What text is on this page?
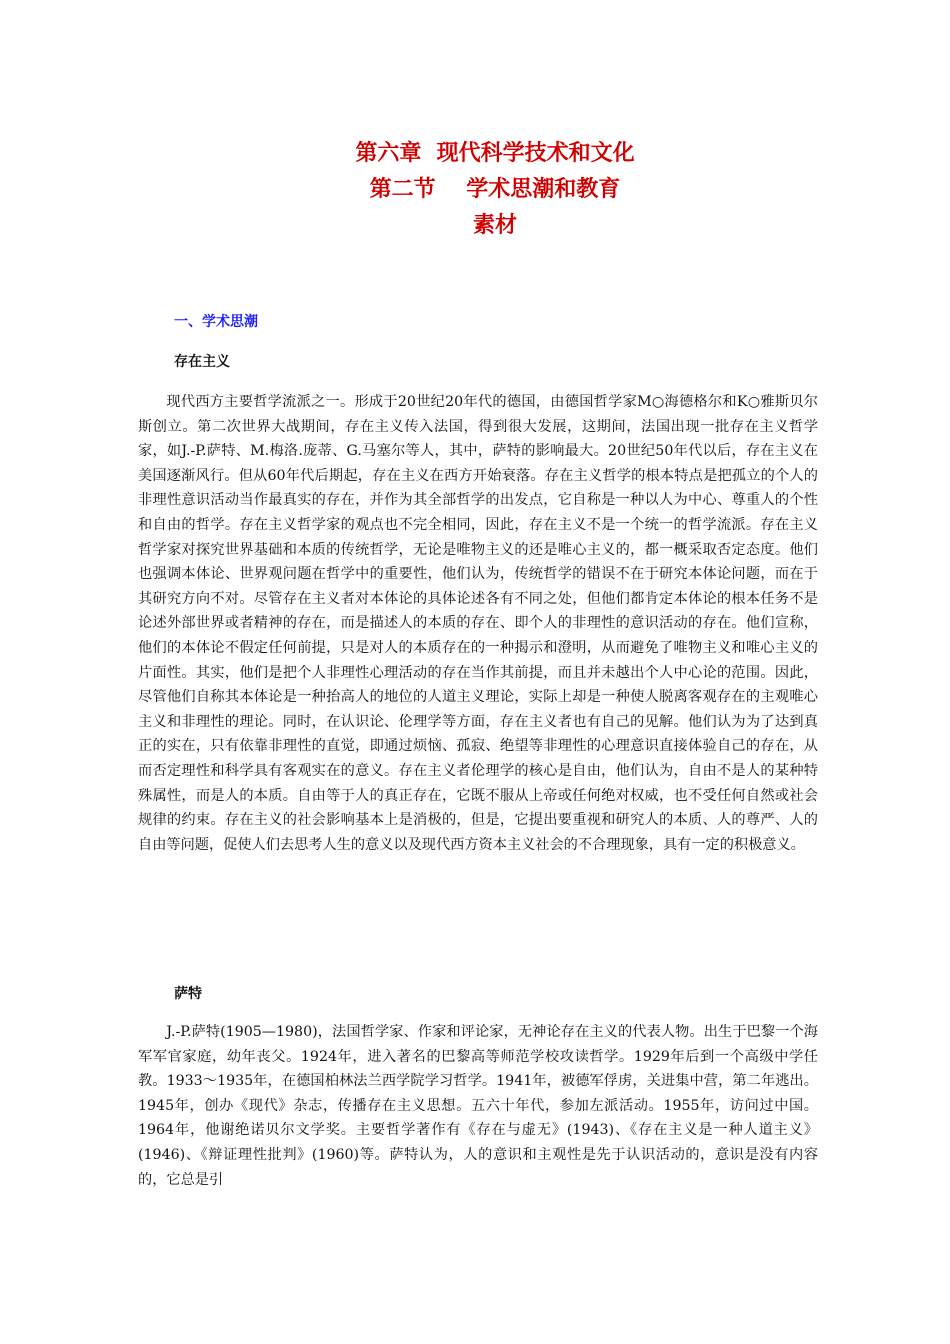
第六章  现代科学技术和文化
第二节    学术思潮和教育
素材
一、学术思潮
存在主义

现代西方主要哲学流派之一。形成于20世纪20年代的德国，由德国哲学家M○海德格尔和K○雅斯贝尔斯创立。第二次世界大战期间，存在主义传入法国，得到很大发展，这期间，法国出现一批存在主义哲学家，如J.-P.萨特、M.梅洛.庞蒂、G.马塞尔等人，其中，萨特的影响最大。20世纪50年代以后，存在主义在美国逐渐风行。但从60年代后期起，存在主义在西方开始衰落。存在主义哲学的根本特点是把孤立的个人的非理性意识活动当作最真实的存在，并作为其全部哲学的出发点，它自称是一种以人为中心、尊重人的个性和自由的哲学。存在主义哲学家的观点也不完全相同，因此，存在主义不是一个统一的哲学流派。存在主义哲学家对探究世界基础和本质的传统哲学，无论是唯物主义的还是唯心主义的，都一概采取否定态度。他们也强调本体论、世界观问题在哲学中的重要性，他们认为，传统哲学的错误不在于研究本体论问题，而在于其研究方向不对。尽管存在主义者对本体论的具体论述各有不同之处，但他们都肯定本体论的根本任务不是论述外部世界或者精神的存在，而是描述人的本质的存在、即个人的非理性的意识活动的存在。他们宣称，他们的本体论不假定任何前提，只是对人的本质存在的一种揭示和澄明，从而避免了唯物主义和唯心主义的片面性。其实，他们是把个人非理性心理活动的存在当作其前提，而且并未越出个人中心论的范围。因此，尽管他们自称其本体论是一种抬高人的地位的人道主义理论，实际上却是一种使人脱离客观存在的主观唯心主义和非理性的理论。同时，在认识论、伦理学等方面，存在主义者也有自己的见解。他们认为为了达到真正的实在，只有依靠非理性的直觉，即通过烦恼、孤寂、绝望等非理性的心理意识直接体验自己的存在，从而否定理性和科学具有客观实在的意义。存在主义者伦理学的核心是自由，他们认为，自由不是人的某种特殊属性，而是人的本质。自由等于人的真正存在，它既不服从上帝或任何绝对权威，也不受任何自然或社会规律的约束。存在主义的社会影响基本上是消极的，但是，它提出要重视和研究人的本质、人的尊严、人的自由等问题，促使人们去思考人生的意义以及现代西方资本主义社会的不合理现象，具有一定的积极意义。

萨特

J.-P.萨特(1905—1980)，法国哲学家、作家和评论家，无神论存在主义的代表人物。出生于巴黎一个海军军官家庭，幼年丧父。1924年，进入著名的巴黎高等师范学校攻读哲学。1929年后到一个高级中学任教。1933～1935年，在德国柏林法兰西学院学习哲学。1941年，被德军俘虏，关进集中营，第二年逃出。1945年，创办《现代》杂志，传播存在主义思想。五六十年代，参加左派活动。1955年，访问过中国。1964年，他谢绝诺贝尔文学奖。主要哲学著作有《存在与虚无》(1943)、《存在主义是一种人道主义》(1946)、《辩证理性批判》(1960)等。萨特认为，人的意识和主观性是先于认识活动的，意识是没有内容的，它总是引
